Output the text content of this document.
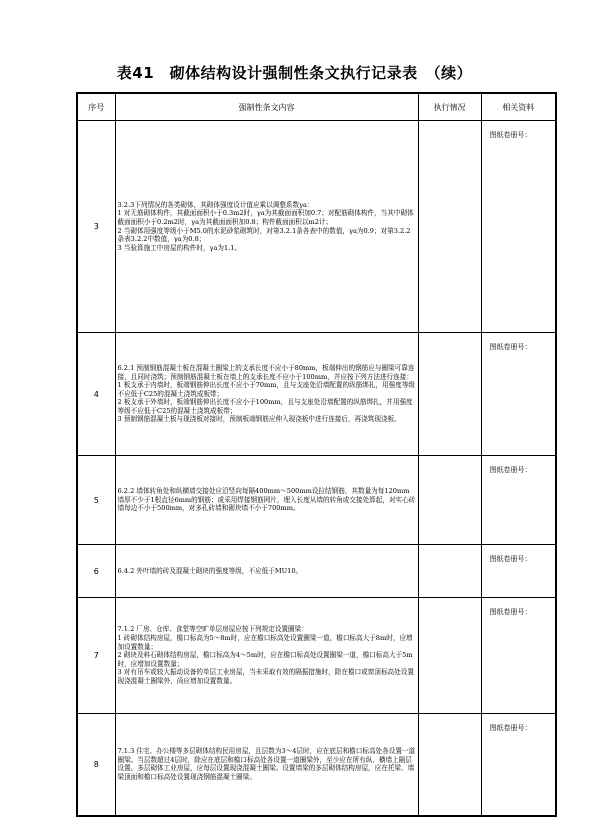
表41　砌体结构设计强制性条文执行记录表　（续）
序号	强制性条文内容	执行情况	相关资料
3	3.2.3下列情况的各类砌体，其砌体强度设计值应乘以调整系数γa：
1 对无筋砌体构件，其截面面积小于0.3m2时，γa为其截面面积加0.7；对配筋砌体构件，当其中砌体截面面积小于0.2m2时，γa为其截面面积加0.8；构件截面面积以m2计；
2 当砌体用强度等级小于M5.0的水泥砂浆砌筑时，对第3.2.1条各表中的数值，γa为0.9；对第3.2.2条表3.2.2中数值，γa为0.8；
3 当验算施工中房屋的构件时，γa为1.1。		图纸卷册号：
4	6.2.1 预制钢筋混凝土板在混凝土圈梁上的支承长度不应小于80mm，板端伸出的钢筋应与圈梁可靠连接，且同时浇筑；预制钢筋混凝土板在墙上的支承长度不应小于100mm，并应按下列方法进行连接：
1 板支承于内墙时，板端钢筋伸出长度不应小于70mm，且与支座处沿墙配置的纵筋绑扎，用强度等级不应低于C25的混凝土浇筑成板带；
2 板支承于外墙时，板端钢筋伸出长度不应小于100mm，且与支座处沿墙配置的纵筋绑扎，并用强度等级不应低于C25的混凝土浇筑成板带；
3 预制钢筋混凝土板与现浇板对接时，预制板端钢筋应伸入现浇板中进行连接后，再浇筑现浇板。		图纸卷册号：
5	6.2.2 墙体转角处和纵横墙交接处应沿竖向每隔400mm～500mm设拉结钢筋，其数量为每120mm墙厚不少于1根直径6mm的钢筋；或采用焊接钢筋网片，埋入长度从墙的转角或交接处算起，对实心砖墙每边不小于500mm，对多孔砖墙和砌块墙不小于700mm。		图纸卷册号：
6	6.4.2 外叶墙的砖及混凝土砌块的强度等级，不应低于MU10。		图纸卷册号：
7	7.1.2 厂房、仓库、食堂等空旷单层房屋应按下列规定设置圈梁：
1 砖砌体结构房屋，檐口标高为5～8m时，应在檐口标高处设置圈梁一道，檐口标高大于8m时，应增加设置数量；
2 砌块及料石砌体结构房屋，檐口标高为4～5m时，应在檐口标高处设置圈梁一道，檐口标高大于5m时，应增加设置数量；
3 对有吊车或较大振动设备的单层工业房屋，当未采取有效的隔振措施时，除在檐口或窗顶标高处设置现浇混凝土圈梁外，尚应增加设置数量。		图纸卷册号：
8	7.1.3 住宅、办公楼等多层砌体结构民用房屋，且层数为3～4层时，应在底层和檐口标高处各设置一道圈梁。当层数超过4层时，除应在底层和檐口标高处各设置一道圈梁外，至少应在所有纵、横墙上隔层设置。多层砌体工业房屋，应每层设置现浇混凝土圈梁。设置墙梁的多层砌体结构房屋，应在托梁、墙梁顶面和檐口标高处设置现浇钢筋混凝土圈梁。		图纸卷册号：
